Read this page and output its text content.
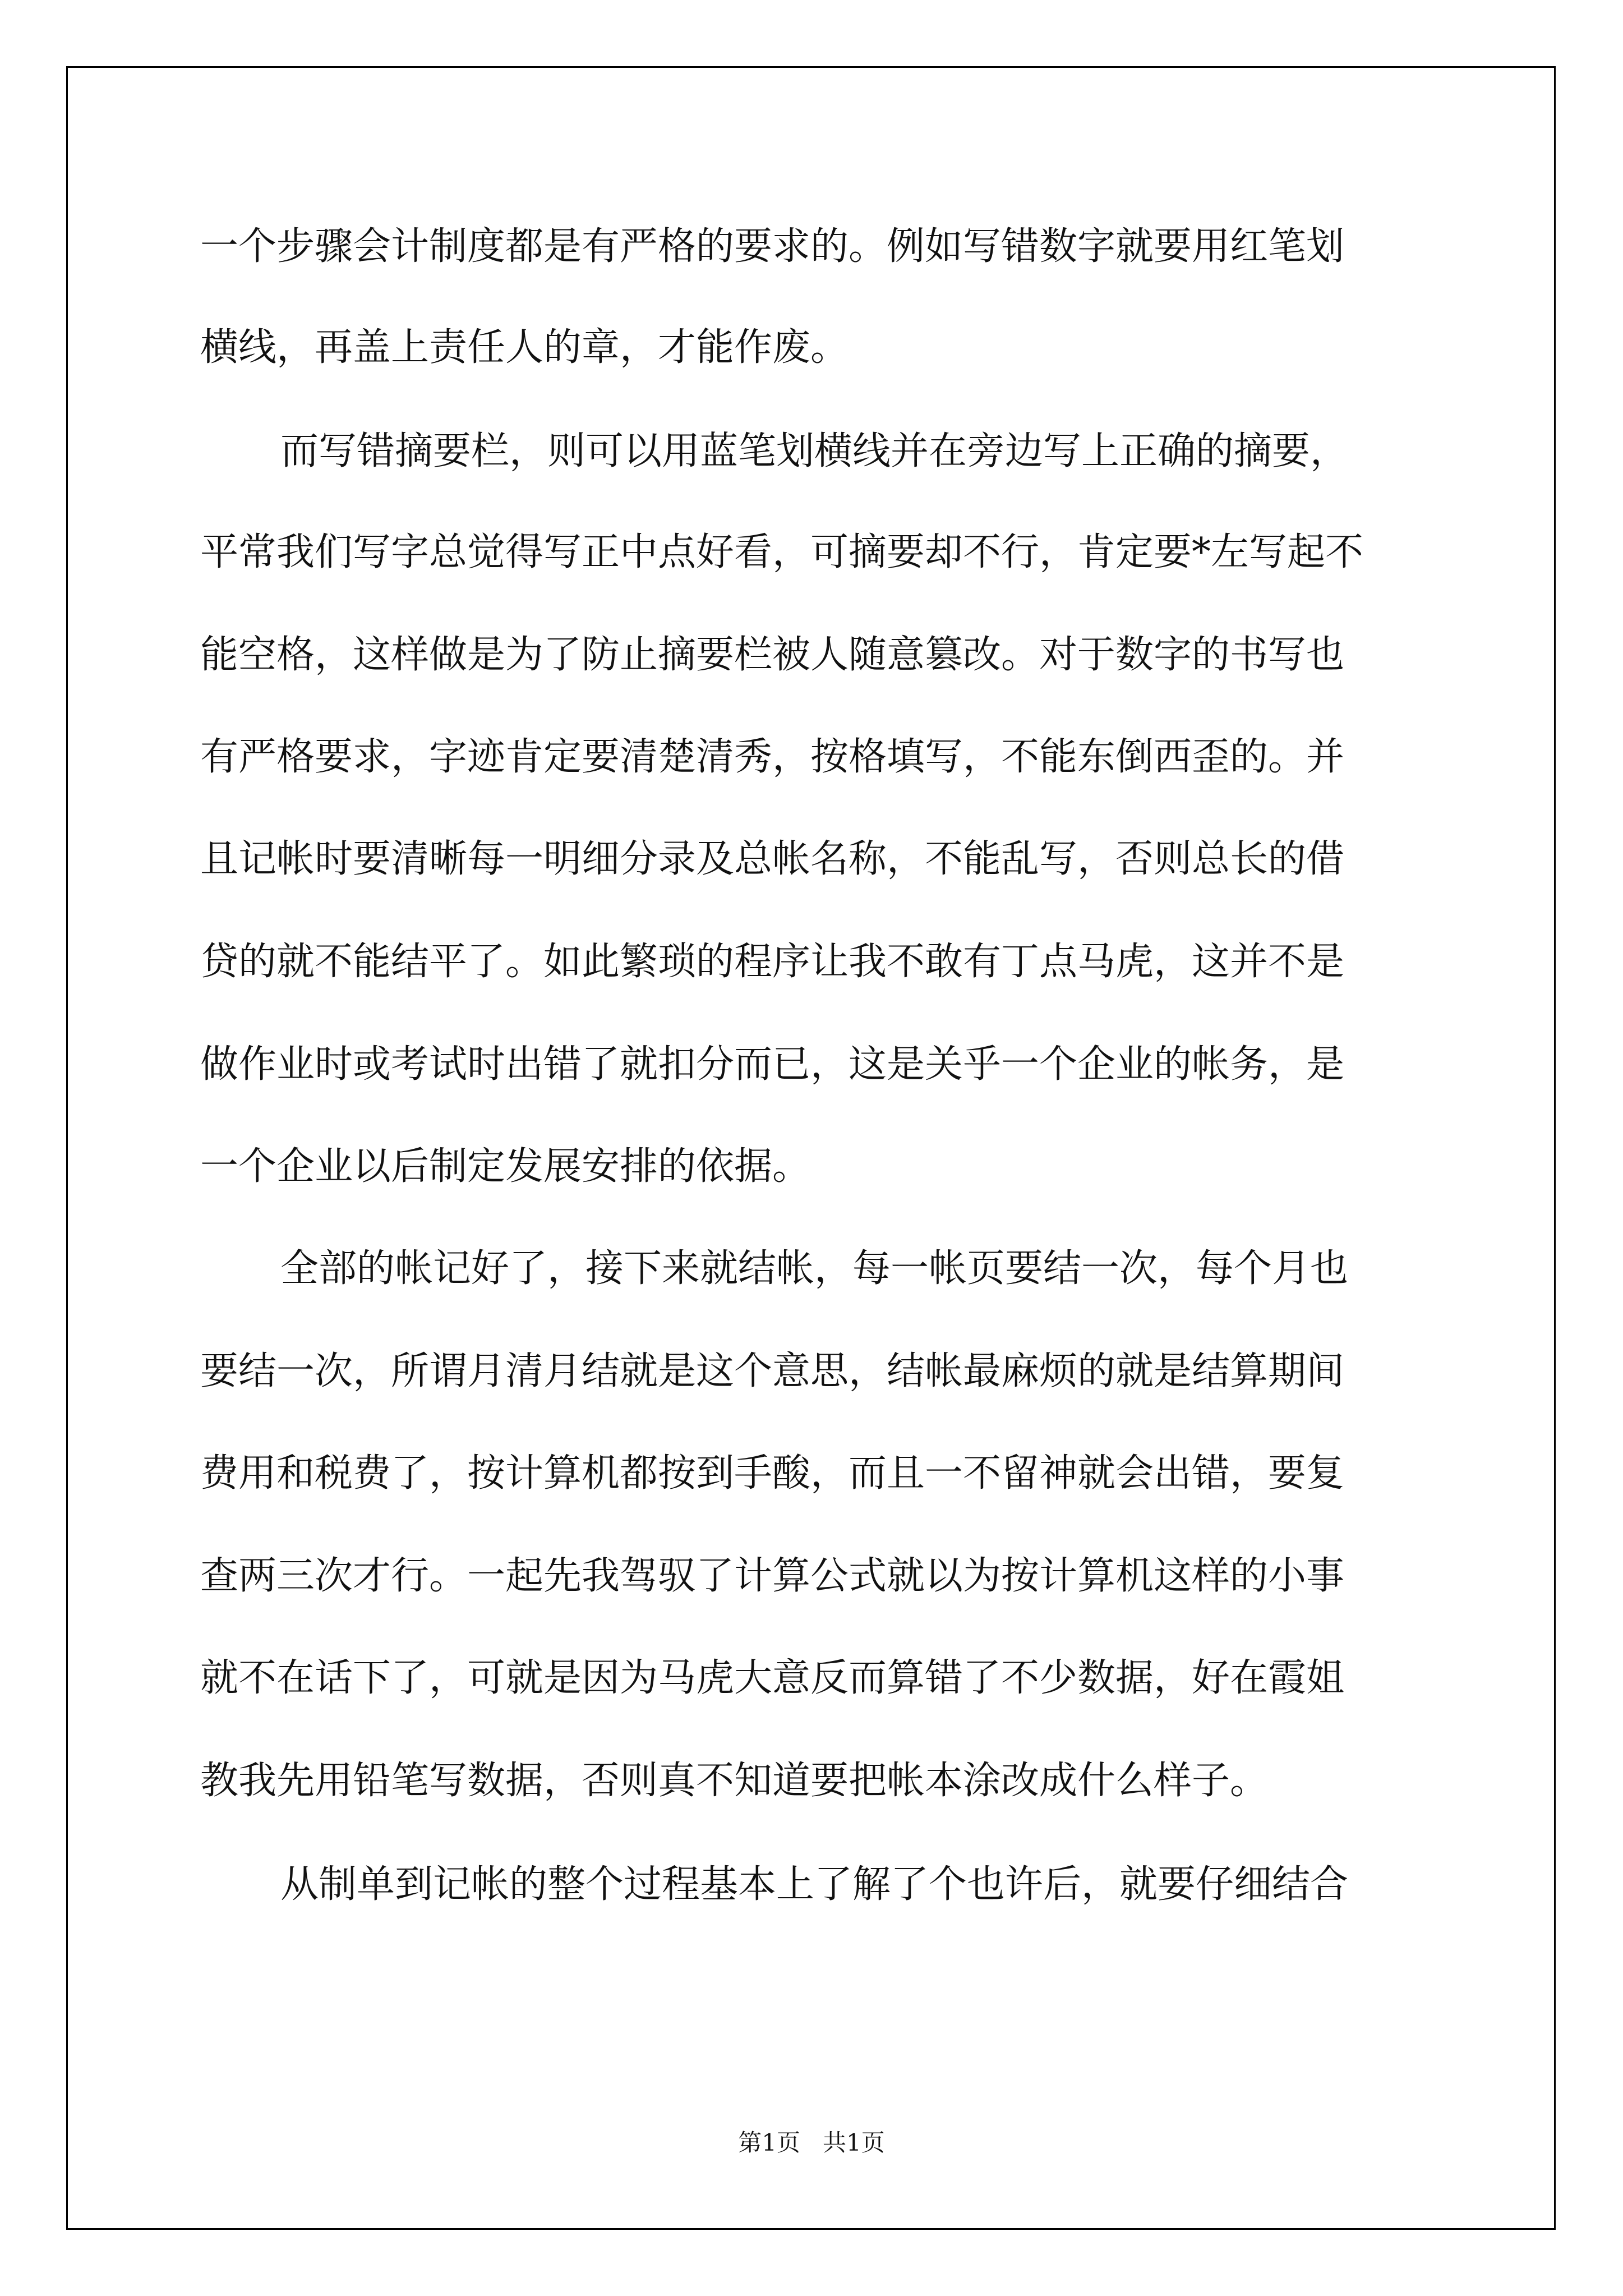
一个步骤会计制度都是有严格的要求的。例如写错数字就要用红笔划

横线，再盖上责任人的章，才能作废。

而写错摘要栏，则可以用蓝笔划横线并在旁边写上正确的摘要，

平常我们写字总觉得写正中点好看，可摘要却不行，肯定要*左写起不

能空格，这样做是为了防止摘要栏被人随意篡改。对于数字的书写也

有严格要求，字迹肯定要清楚清秀，按格填写，不能东倒西歪的。并

且记帐时要清晰每一明细分录及总帐名称，不能乱写，否则总长的借

贷的就不能结平了。如此繁琐的程序让我不敢有丁点马虎，这并不是

做作业时或考试时出错了就扣分而已，这是关乎一个企业的帐务，是

一个企业以后制定发展安排的依据。

全部的帐记好了，接下来就结帐，每一帐页要结一次，每个月也

要结一次，所谓月清月结就是这个意思，结帐最麻烦的就是结算期间

费用和税费了，按计算机都按到手酸，而且一不留神就会出错，要复

查两三次才行。一起先我驾驭了计算公式就以为按计算机这样的小事

就不在话下了，可就是因为马虎大意反而算错了不少数据，好在霞姐

教我先用铅笔写数据，否则真不知道要把帐本涂改成什么样子。

从制单到记帐的整个过程基本上了解了个也许后，就要仔细结合

第1页   共1页
